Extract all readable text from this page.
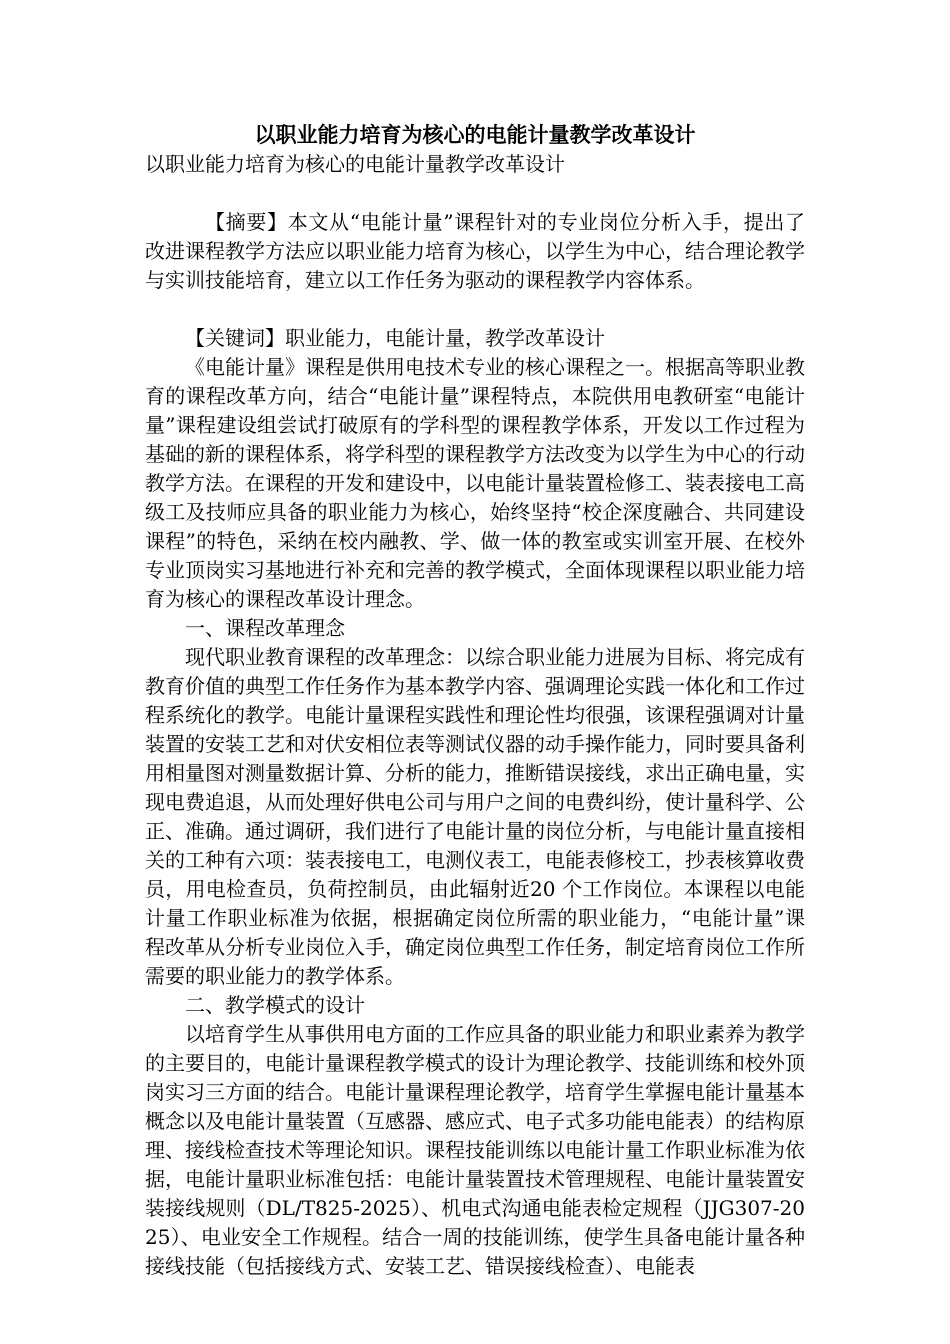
以职业能力培育为核心的电能计量教学改革设计

以职业能力培育为核心的电能计量教学改革设计

【摘要】本文从“电能计量”课程针对的专业岗位分析入手，提出了改进课程教学方法应以职业能力培育为核心，以学生为中心，结合理论教学与实训技能培育，建立以工作任务为驱动的课程教学内容体系。

【关键词】职业能力，电能计量，教学改革设计

《电能计量》课程是供用电技术专业的核心课程之一。根据高等职业教育的课程改革方向，结合“电能计量”课程特点，本院供用电教研室“电能计量”课程建设组尝试打破原有的学科型的课程教学体系，开发以工作过程为基础的新的课程体系，将学科型的课程教学方法改变为以学生为中心的行动教学方法。在课程的开发和建设中，以电能计量装置检修工、装表接电工高级工及技师应具备的职业能力为核心，始终坚持“校企深度融合、共同建设课程”的特色，采纳在校内融教、学、做一体的教室或实训室开展、在校外专业顶岗实习基地进行补充和完善的教学模式，全面体现课程以职业能力培育为核心的课程改革设计理念。

一、课程改革理念

现代职业教育课程的改革理念：以综合职业能力进展为目标、将完成有教育价值的典型工作任务作为基本教学内容、强调理论实践一体化和工作过程系统化的教学。电能计量课程实践性和理论性均很强，该课程强调对计量装置的安装工艺和对伏安相位表等测试仪器的动手操作能力，同时要具备利用相量图对测量数据计算、分析的能力，推断错误接线，求出正确电量，实现电费追退，从而处理好供电公司与用户之间的电费纠纷，使计量科学、公正、准确。通过调研，我们进行了电能计量的岗位分析，与电能计量直接相关的工种有六项：装表接电工，电测仪表工，电能表修校工，抄表核算收费员，用电检查员，负荷控制员，由此辐射近20 个工作岗位。本课程以电能计量工作职业标准为依据，根据确定岗位所需的职业能力，“电能计量”课程改革从分析专业岗位入手，确定岗位典型工作任务，制定培育岗位工作所需要的职业能力的教学体系。

二、教学模式的设计

以培育学生从事供用电方面的工作应具备的职业能力和职业素养为教学的主要目的，电能计量课程教学模式的设计为理论教学、技能训练和校外顶岗实习三方面的结合。电能计量课程理论教学，培育学生掌握电能计量基本概念以及电能计量装置（互感器、感应式、电子式多功能电能表）的结构原理、接线检查技术等理论知识。课程技能训练以电能计量工作职业标准为依据，电能计量职业标准包括：电能计量装置技术管理规程、电能计量装置安装接线规则（DL/T825-2025）、机电式沟通电能表检定规程（JJG307-2025）、电业安全工作规程。结合一周的技能训练，使学生具备电能计量各种接线技能（包括接线方式、安装工艺、错误接线检查）、电能表
